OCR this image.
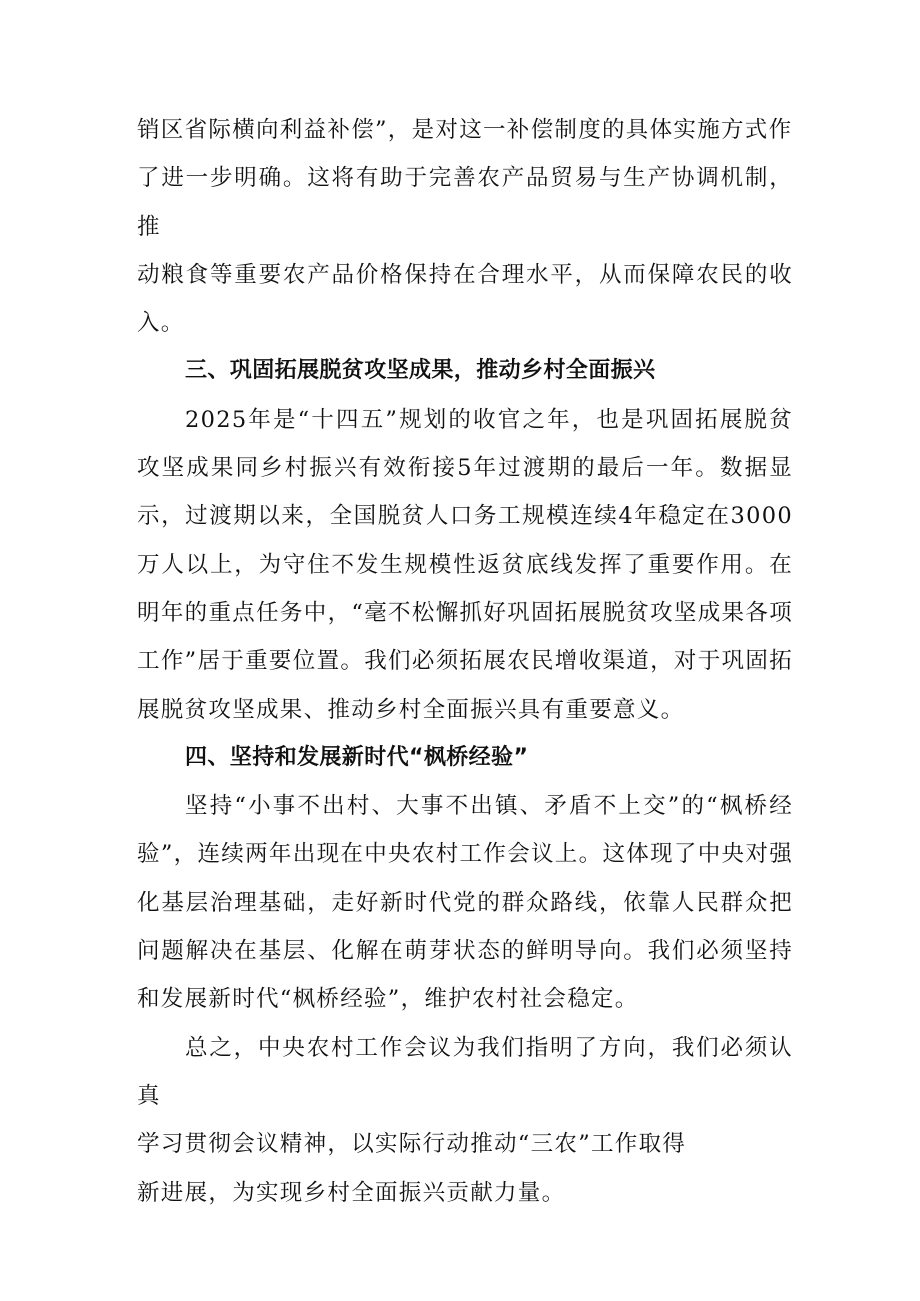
销区省际横向利益补偿”，是对这一补偿制度的具体实施方式作
了进一步明确。这将有助于完善农产品贸易与生产协调机制，推
动粮食等重要农产品价格保持在合理水平，从而保障农民的收入。
三、巩固拓展脱贫攻坚成果，推动乡村全面振兴

2025年是“十四五”规划的收官之年，也是巩固拓展脱贫攻坚成果同乡村振兴有效衔接5年过渡期的最后一年。数据显示，过渡期以来，全国脱贫人口务工规模连续4年稳定在3000万人以上，为守住不发生规模性返贫底线发挥了重要作用。在明年的重点任务中，“毫不松懈抓好巩固拓展脱贫攻坚成果各项工作”居于重要位置。我们必须拓展农民增收渠道，对于巩固拓展脱贫攻坚成果、推动乡村全面振兴具有重要意义。

四、坚持和发展新时代“枫桥经验”

坚持“小事不出村、大事不出镇、矛盾不上交”的“枫桥经验”，连续两年出现在中央农村工作会议上。这体现了中央对强化基层治理基础，走好新时代党的群众路线，依靠人民群众把问题解决在基层、化解在萌芽状态的鲜明导向。我们必须坚持和发展新时代“枫桥经验”，维护农村社会稳定。

总之，中央农村工作会议为我们指明了方向，我们必须认真
学习贯彻会议精神，以实际行动推动“三农”工作取得
新进展，为实现乡村全面振兴贡献力量。
